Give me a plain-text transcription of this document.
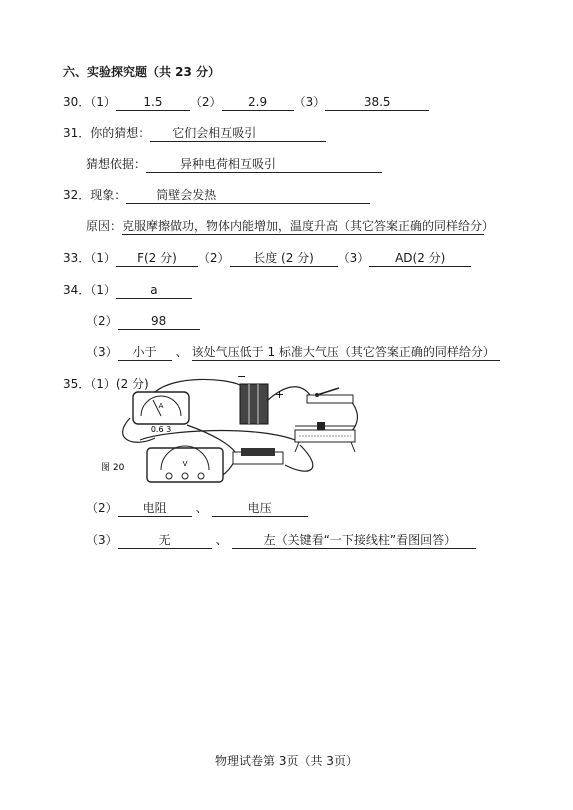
六、实验探究题（共 23 分）
30．（1） 1.5 （2） 2.9 （3）	38.5
31．你的猜想： 它们会相互吸引
猜想依据：	异种电荷相互吸引
32．现象：	筒壁会发热
原因：克服摩擦做功，物体内能增加，温度升高（其它答案正确的同样给分）
33．（1） F(2 分) （2） 长度 (2 分) （3） AD(2 分)
34．（1）	a
（2）	98
（3） 小于 、 该处气压低于 1 标准大气压（其它答案正确的同样给分）
35．（1）(2 分)
A
0.6 3
−
+
V
图 20
（2） 电阻 、	电压
（3）	无	、	左（关键看“一下接线柱”看图回答）
物理试卷第 3页（共 3页）
